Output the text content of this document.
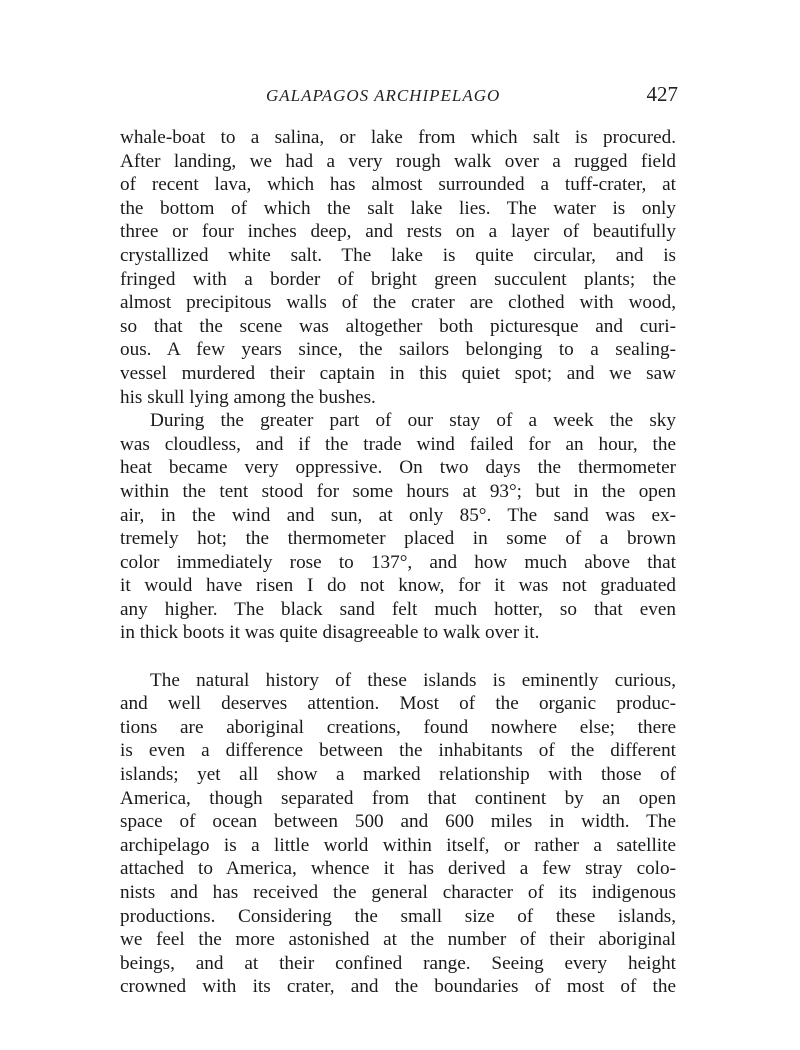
GALAPAGOS ARCHIPELAGO	427
whale-boat to a salina, or lake from which salt is procured.
After landing, we had a very rough walk over a rugged field
of recent lava, which has almost surrounded a tuff-crater, at
the bottom of which the salt lake lies. The water is only
three or four inches deep, and rests on a layer of beautifully
crystallized white salt. The lake is quite circular, and is
fringed with a border of bright green succulent plants; the
almost precipitous walls of the crater are clothed with wood,
so that the scene was altogether both picturesque and curi-
ous. A few years since, the sailors belonging to a sealing-
vessel murdered their captain in this quiet spot; and we saw
his skull lying among the bushes.
During the greater part of our stay of a week the sky
was cloudless, and if the trade wind failed for an hour, the
heat became very oppressive. On two days the thermometer
within the tent stood for some hours at 93°; but in the open
air, in the wind and sun, at only 85°. The sand was ex-
tremely hot; the thermometer placed in some of a brown
color immediately rose to 137°, and how much above that
it would have risen I do not know, for it was not graduated
any higher. The black sand felt much hotter, so that even
in thick boots it was quite disagreeable to walk over it.
The natural history of these islands is eminently curious,
and well deserves attention. Most of the organic produc-
tions are aboriginal creations, found nowhere else; there
is even a difference between the inhabitants of the different
islands; yet all show a marked relationship with those of
America, though separated from that continent by an open
space of ocean between 500 and 600 miles in width. The
archipelago is a little world within itself, or rather a satellite
attached to America, whence it has derived a few stray colo-
nists and has received the general character of its indigenous
productions. Considering the small size of these islands,
we feel the more astonished at the number of their aboriginal
beings, and at their confined range. Seeing every height
crowned with its crater, and the boundaries of most of the
